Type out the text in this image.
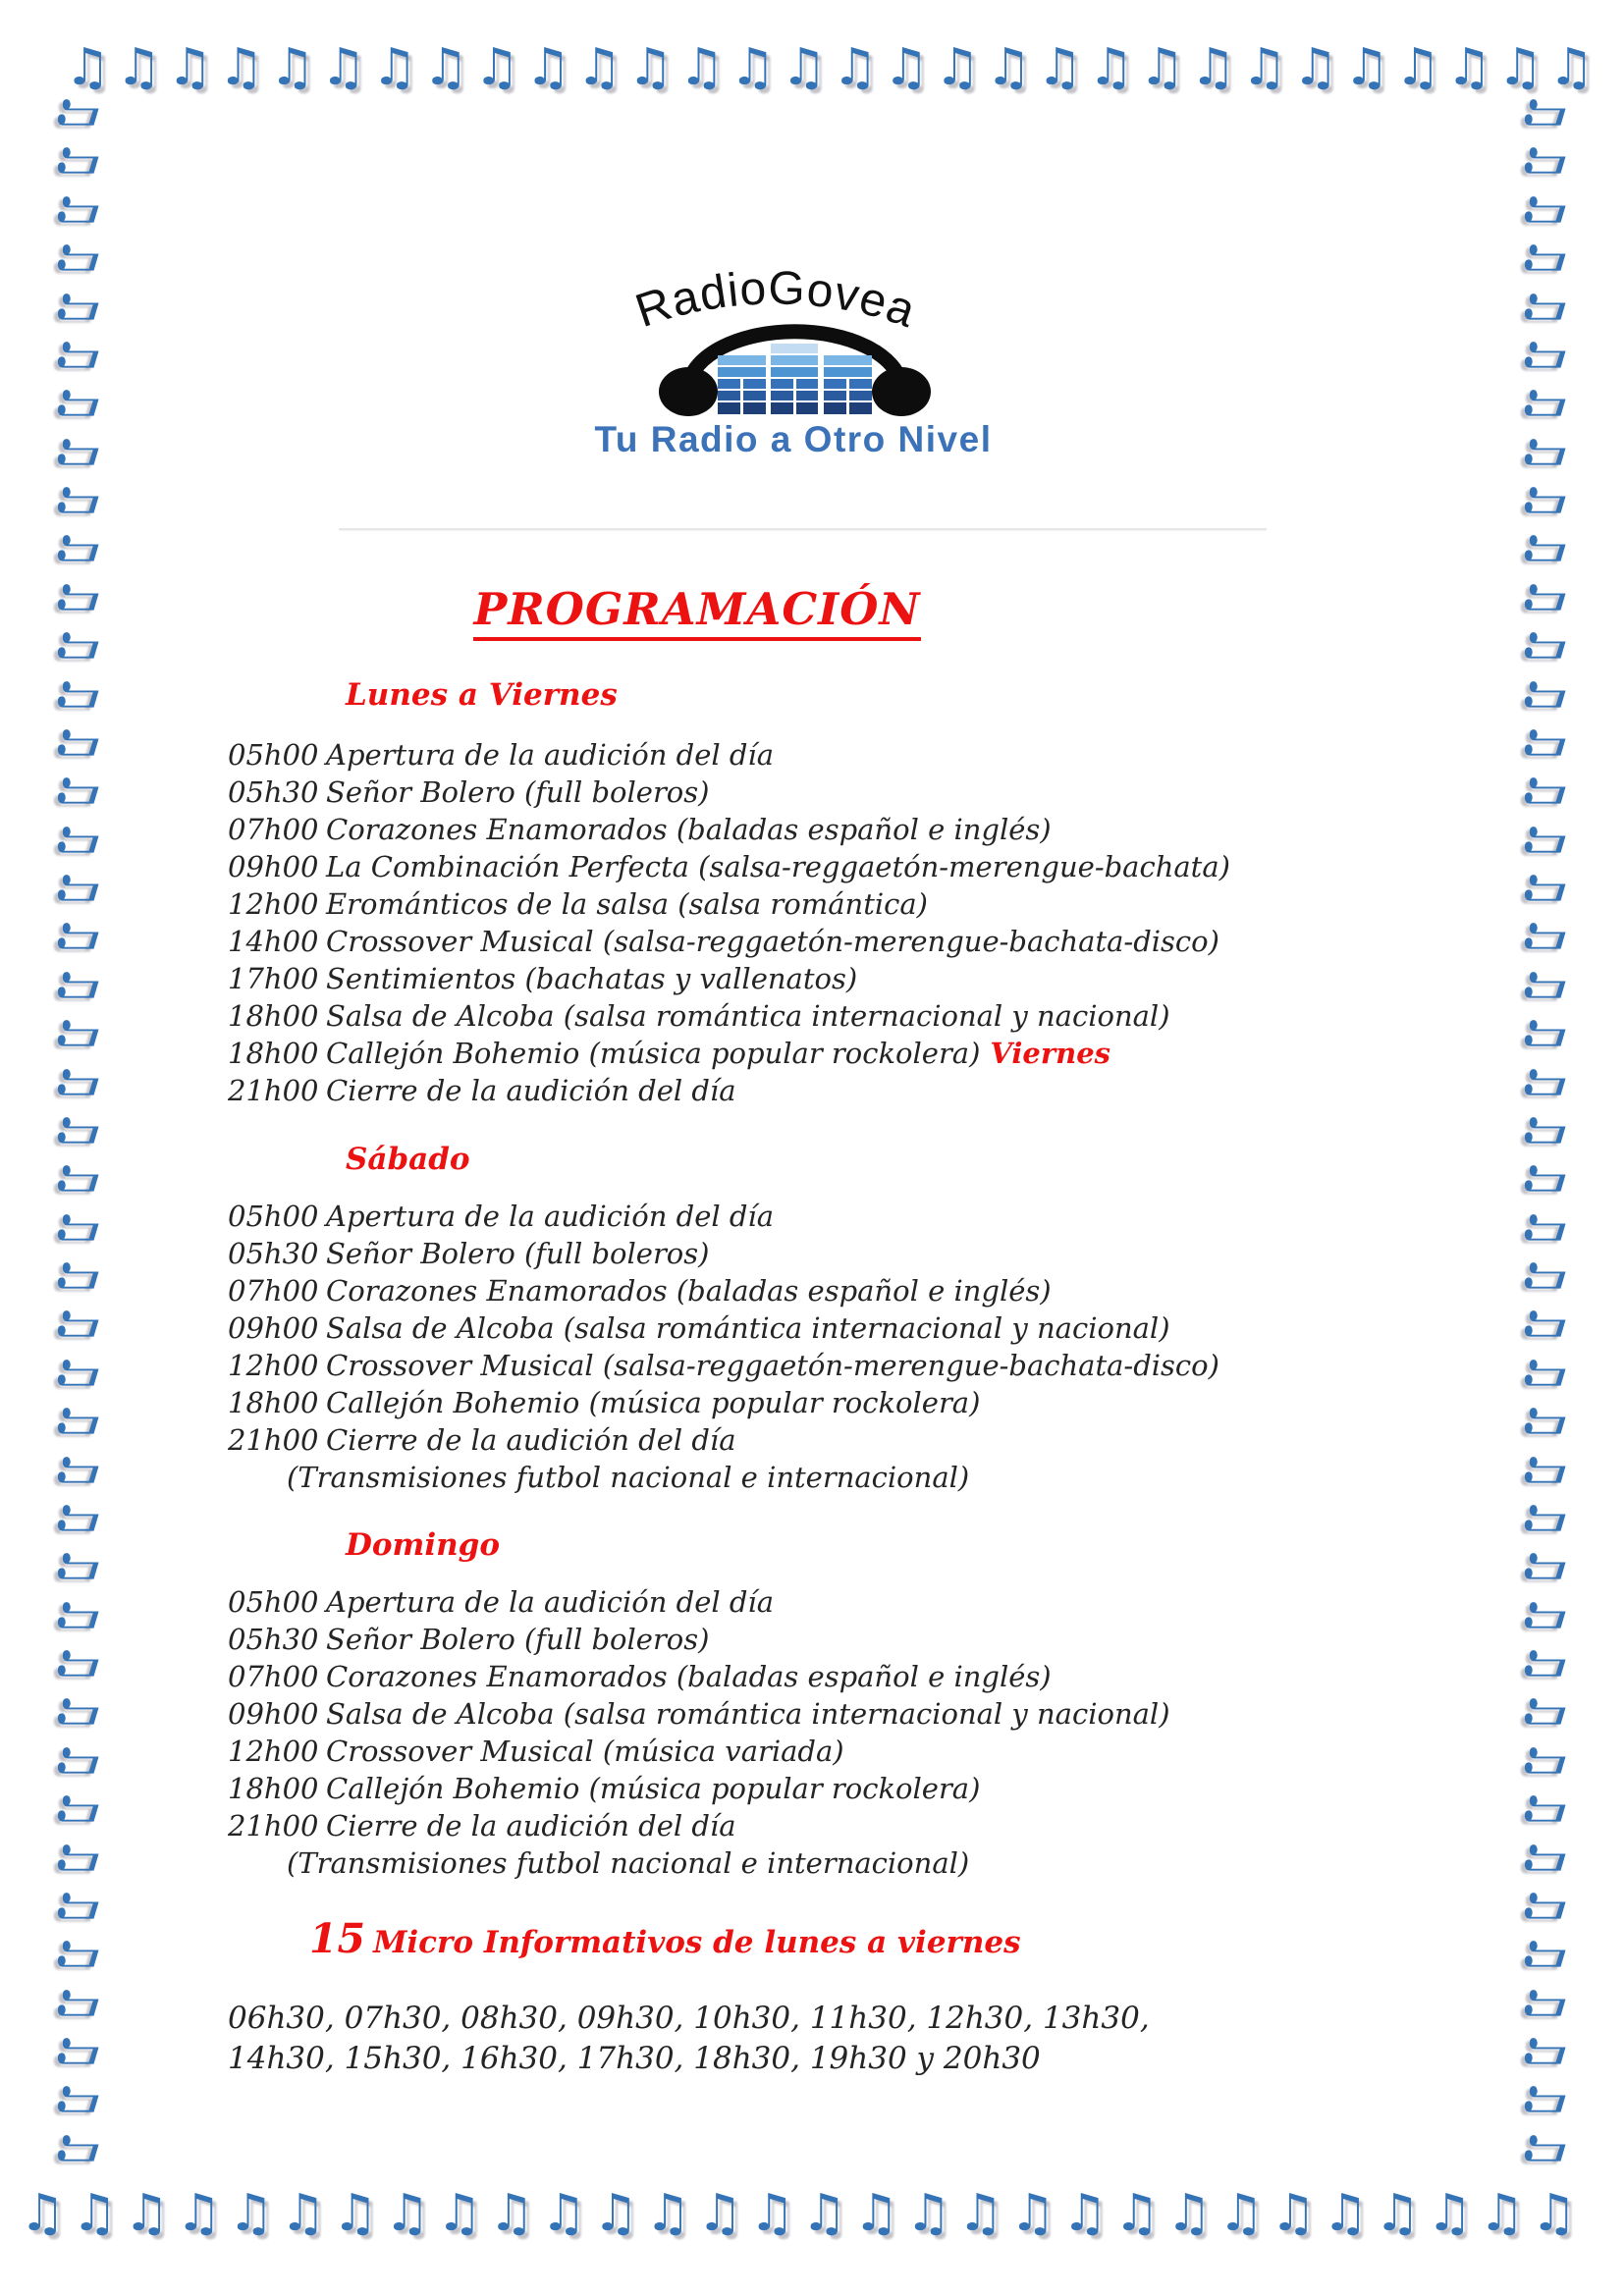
♫ ♫ ♫ ♫ ♫ ♫ ♫ ♫ ♫ ♫ ♫ ♫ ♫ ♫ ♫ ♫ ♫ ♫ ♫ ♫ ♫ ♫ ♫ ♫ ♫ ♫ ♫ ♫ ♫ ♫
♫ ♫ ♫ ♫ ♫ ♫ ♫ ♫ ♫ ♫ ♫ ♫ ♫ ♫ ♫ ♫ ♫ ♫ ♫ ♫ ♫ ♫ ♫ ♫ ♫ ♫ ♫ ♫ ♫ ♫
♫
♫
♫
♫
♫
♫
♫
♫
♫
♫
♫
♫
♫
♫
♫
♫
♫
♫
♫
♫
♫
♫
♫
♫
♫
♫
♫
♫
♫
♫
♫
♫
♫
♫
♫
♫
♫
♫
♫
♫
♫
♫
♫
♫
♫
♫
♫
♫
♫
♫
♫
♫
♫
♫
♫
♫
♫
♫
♫
♫
♫
♫
♫
♫
♫
♫
♫
♫
♫
♫
♫
♫
♫
♫
♫
♫
♫
♫
♫
♫
♫
♫
♫
♫
♫
♫
RadioGovea
Tu Radio a Otro Nivel
PROGRAMACIÓN
Lunes a Viernes
05h00 Apertura de la audición del día
05h30 Señor Bolero (full boleros)
07h00 Corazones Enamorados (baladas español e inglés)
09h00 La Combinación Perfecta (salsa-reggaetón-merengue-bachata)
12h00 Erománticos de la salsa (salsa romántica)
14h00 Crossover Musical (salsa-reggaetón-merengue-bachata-disco)
17h00 Sentimientos (bachatas y vallenatos)
18h00 Salsa de Alcoba (salsa romántica internacional y nacional)
18h00 Callejón Bohemio (música popular rockolera) Viernes
21h00 Cierre de la audición del día
Sábado
05h00 Apertura de la audición del día
05h30 Señor Bolero (full boleros)
07h00 Corazones Enamorados (baladas español e inglés)
09h00 Salsa de Alcoba (salsa romántica internacional y nacional)
12h00 Crossover Musical (salsa-reggaetón-merengue-bachata-disco)
18h00 Callejón Bohemio (música popular rockolera)
21h00 Cierre de la audición del día
(Transmisiones futbol nacional e internacional)
Domingo
05h00 Apertura de la audición del día
05h30 Señor Bolero (full boleros)
07h00 Corazones Enamorados (baladas español e inglés)
09h00 Salsa de Alcoba (salsa romántica internacional y nacional)
12h00 Crossover Musical (música variada)
18h00 Callejón Bohemio (música popular rockolera)
21h00 Cierre de la audición del día
(Transmisiones futbol nacional e internacional)
15 Micro Informativos de lunes a viernes
06h30, 07h30, 08h30, 09h30, 10h30, 11h30, 12h30, 13h30,
14h30, 15h30, 16h30, 17h30, 18h30, 19h30 y 20h30
